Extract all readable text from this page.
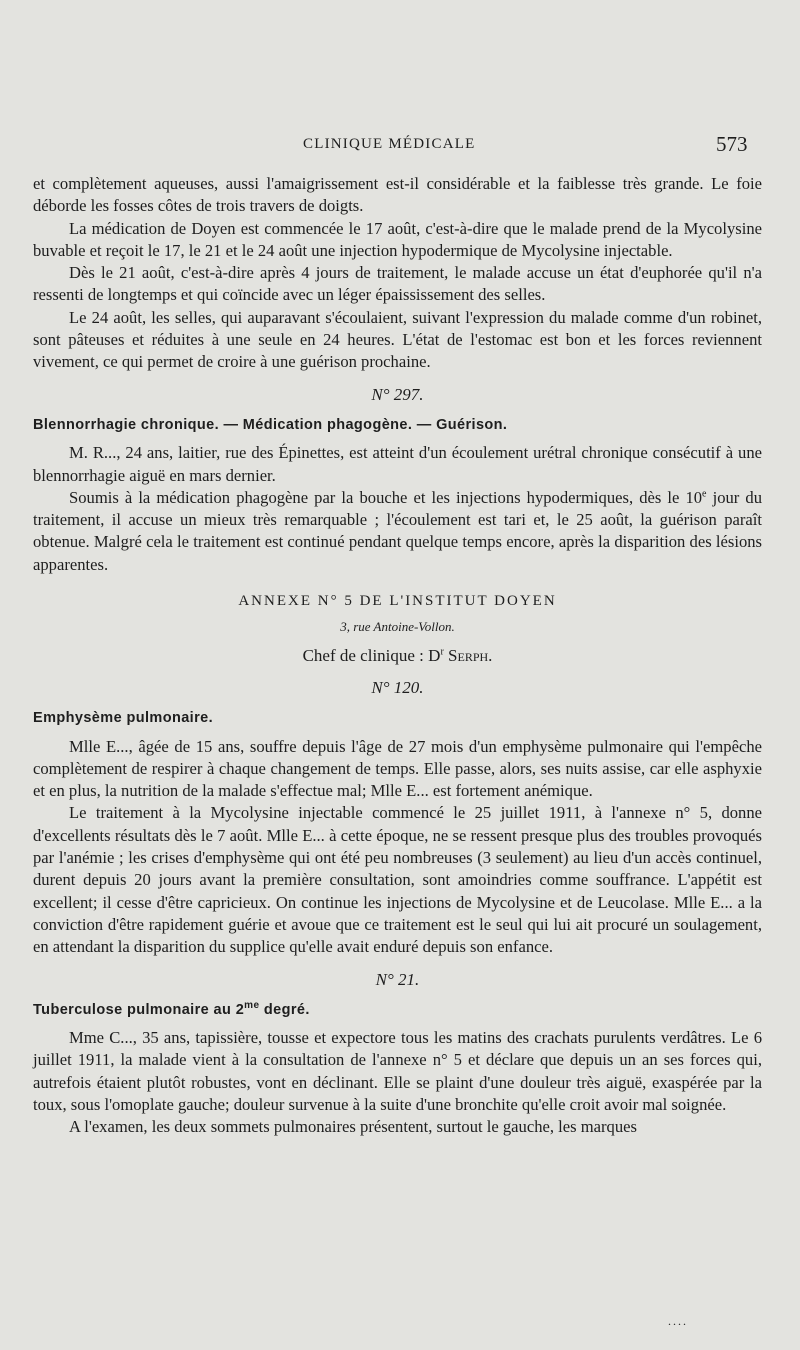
CLINIQUE MÉDICALE	573

et complètement aqueuses, aussi l'amaigrissement est-il considérable et la faiblesse très grande. Le foie déborde les fosses côtes de trois travers de doigts.

La médication de Doyen est commencée le 17 août, c'est-à-dire que le malade prend de la Mycolysine buvable et reçoit le 17, le 21 et le 24 août une injection hypodermique de Mycolysine injectable.

Dès le 21 août, c'est-à-dire après 4 jours de traitement, le malade accuse un état d'euphorée qu'il n'a ressenti de longtemps et qui coïncide avec un léger épaississement des selles.

Le 24 août, les selles, qui auparavant s'écoulaient, suivant l'expression du malade comme d'un robinet, sont pâteuses et réduites à une seule en 24 heures. L'état de l'estomac est bon et les forces reviennent vivement, ce qui permet de croire à une guérison prochaine.

N° 297.
Blennorrhagie chronique. — Médication phagogène. — Guérison.

M. R..., 24 ans, laitier, rue des Épinettes, est atteint d'un écoulement urétral chronique consécutif à une blennorrhagie aiguë en mars dernier.

Soumis à la médication phagogène par la bouche et les injections hypodermiques, dès le 10e jour du traitement, il accuse un mieux très remarquable ; l'écoulement est tari et, le 25 août, la guérison paraît obtenue. Malgré cela le traitement est continué pendant quelque temps encore, après la disparition des lésions apparentes.

ANNEXE N° 5 DE L'INSTITUT DOYEN
3, rue Antoine-Vollon.
Chef de clinique : $D^r$ Serph.
N° 120.
Emphysème pulmonaire.

Mlle E..., âgée de 15 ans, souffre depuis l'âge de 27 mois d'un emphysème pulmonaire qui l'empêche complètement de respirer à chaque changement de temps. Elle passe, alors, ses nuits assise, car elle asphyxie et en plus, la nutrition de la malade s'effectue mal; Mlle E... est fortement anémique.

Le traitement à la Mycolysine injectable commencé le 25 juillet 1911, à l'annexe n° 5, donne d'excellents résultats dès le 7 août. Mlle E... à cette époque, ne se ressent presque plus des troubles provoqués par l'anémie ; les crises d'emphysème qui ont été peu nombreuses (3 seulement) au lieu d'un accès continuel, durent depuis 20 jours avant la première consultation, sont amoindries comme souffrance. L'appétit est excellent; il cesse d'être capricieux. On continue les injections de Mycolysine et de Leucolase. Mlle E... a la conviction d'être rapidement guérie et avoue que ce traitement est le seul qui lui ait procuré un soulagement, en attendant la disparition du supplice qu'elle avait enduré depuis son enfance.

N° 21.
Tuberculose pulmonaire au $2^{me}$ degré.

Mme C..., 35 ans, tapissière, tousse et expectore tous les matins des crachats purulents verdâtres. Le 6 juillet 1911, la malade vient à la consultation de l'annexe n° 5 et déclare que depuis un an ses forces qui, autrefois étaient plutôt robustes, vont en déclinant. Elle se plaint d'une douleur très aiguë, exaspérée par la toux, sous l'omoplate gauche; douleur survenue à la suite d'une bronchite qu'elle croit avoir mal soignée.

A l'examen, les deux sommets pulmonaires présentent, surtout le gauche, les marques

....
